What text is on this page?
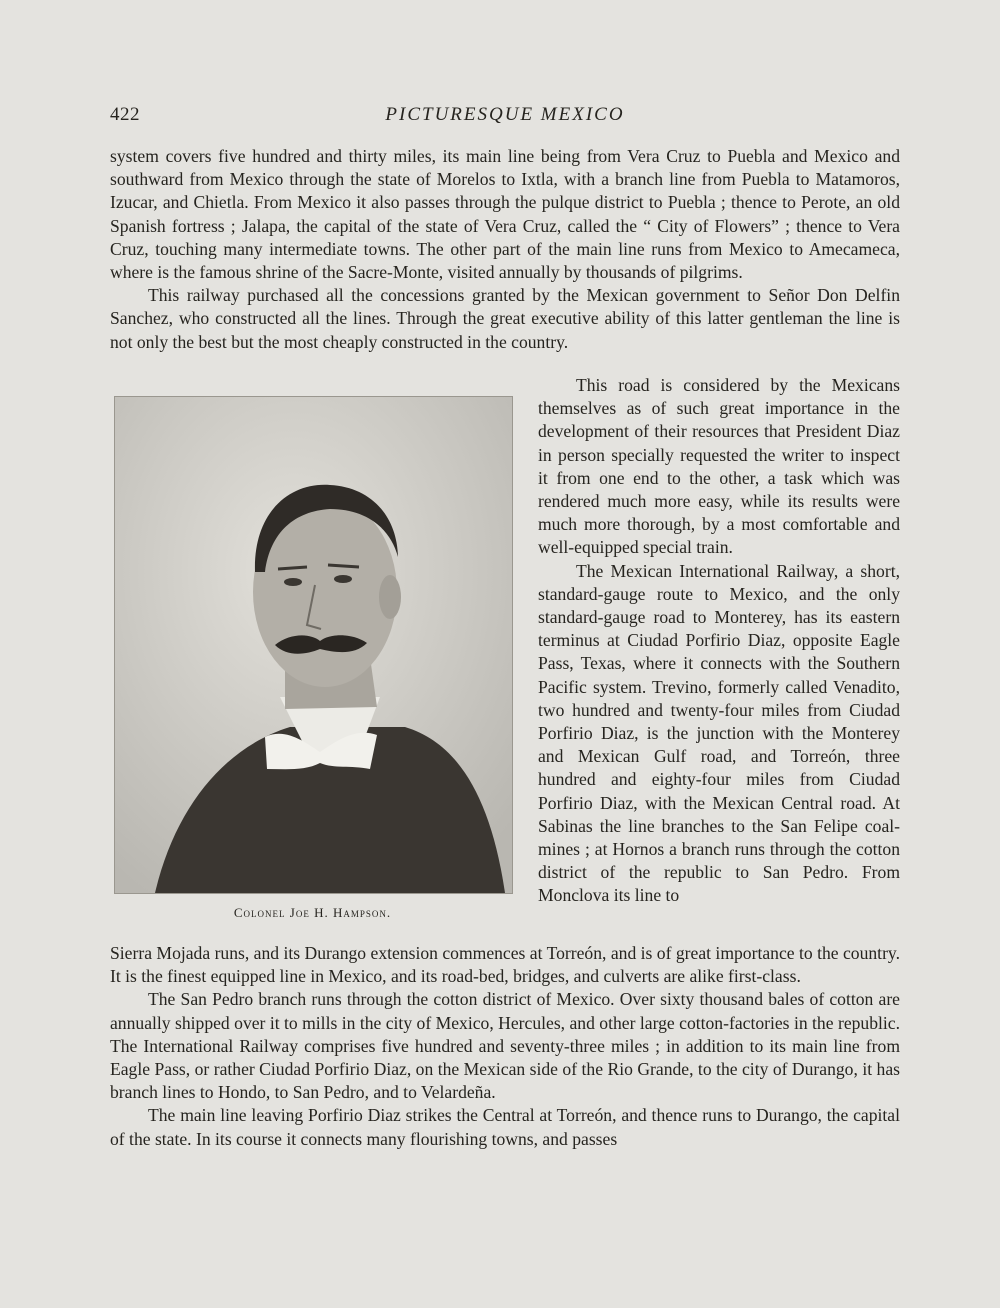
422	PICTURESQUE MEXICO

system covers five hundred and thirty miles, its main line being from Vera Cruz to Puebla and Mexico and southward from Mexico through the state of Morelos to Ixtla, with a branch line from Puebla to Matamoros, Izucar, and Chietla. From Mexico it also passes through the pulque district to Puebla ; thence to Perote, an old Spanish fortress ; Jalapa, the capital of the state of Vera Cruz, called the “ City of Flowers” ; thence to Vera Cruz, touching many intermediate towns. The other part of the main line runs from Mexico to Amecameca, where is the famous shrine of the Sacre-Monte, visited annually by thousands of pilgrims.

This railway purchased all the concessions granted by the Mexican government to Señor Don Delfin Sanchez, who constructed all the lines. Through the great executive ability of this latter gentleman the line is not only the best but the most cheaply constructed in the country.

Colonel Joe H. Hampson.

This road is considered by the Mexicans themselves as of such great importance in the development of their resources that President Diaz in person specially requested the writer to inspect it from one end to the other, a task which was rendered much more easy, while its results were much more thorough, by a most comfortable and well-equipped special train.

The Mexican International Railway, a short, standard-gauge route to Mexico, and the only standard-gauge road to Monterey, has its eastern terminus at Ciudad Porfirio Diaz, opposite Eagle Pass, Texas, where it connects with the Southern Pacific system. Trevino, formerly called Venadito, two hundred and twenty-four miles from Ciudad Porfirio Diaz, is the junction with the Monterey and Mexican Gulf road, and Torreón, three hundred and eighty-four miles from Ciudad Porfirio Diaz, with the Mexican Central road. At Sabinas the line branches to the San Felipe coal-mines ; at Hornos a branch runs through the cotton district of the republic to San Pedro. From Monclova its line to

Sierra Mojada runs, and its Durango extension commences at Torreón, and is of great importance to the country. It is the finest equipped line in Mexico, and its road-bed, bridges, and culverts are alike first-class.

The San Pedro branch runs through the cotton district of Mexico. Over sixty thousand bales of cotton are annually shipped over it to mills in the city of Mexico, Hercules, and other large cotton-factories in the republic. The International Railway comprises five hundred and seventy-three miles ; in addition to its main line from Eagle Pass, or rather Ciudad Porfirio Diaz, on the Mexican side of the Rio Grande, to the city of Durango, it has branch lines to Hondo, to San Pedro, and to Velardeña.

The main line leaving Porfirio Diaz strikes the Central at Torreón, and thence runs to Durango, the capital of the state. In its course it connects many flourishing towns, and passes
